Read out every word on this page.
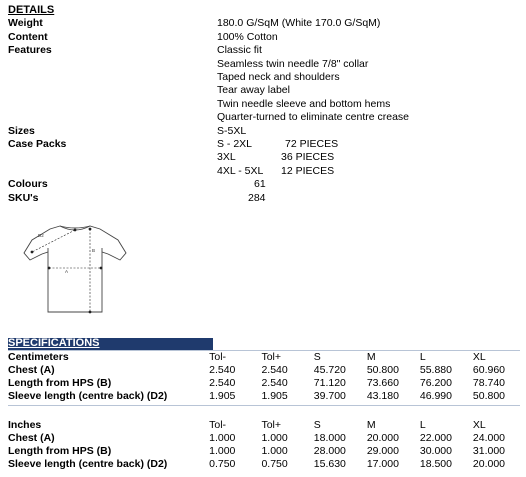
DETAILS
Weight	180.0 G/SqM (White 170.0 G/SqM)
Content	100% Cotton
Features	Classic fit
Seamless twin needle 7/8" collar
Taped neck and shoulders
Tear away label
Twin needle sleeve and bottom hems
Quarter-turned to eliminate centre crease
Sizes	S-5XL
Case Packs	S - 2XL	72 PIECES
3XL	36 PIECES
4XL - 5XL 12 PIECES
Colours	61
SKU's	284
D2
B
A
SPECIFICATIONS
Centimeters	Tol-	Tol+	S	M	L	XL
Chest (A)	2.540	2.540	45.720	50.800	55.880	60.960
Length from HPS (B)	2.540	2.540	71.120	73.660	76.200	78.740
Sleeve length (centre back) (D2)	1.905	1.905	39.700	43.180	46.990	50.800
Inches	Tol-	Tol+	S	M	L	XL
Chest (A)	1.000	1.000	18.000	20.000	22.000	24.000
Length from HPS (B)	1.000	1.000	28.000	29.000	30.000	31.000
Sleeve length (centre back) (D2)	0.750	0.750	15.630	17.000	18.500	20.000
